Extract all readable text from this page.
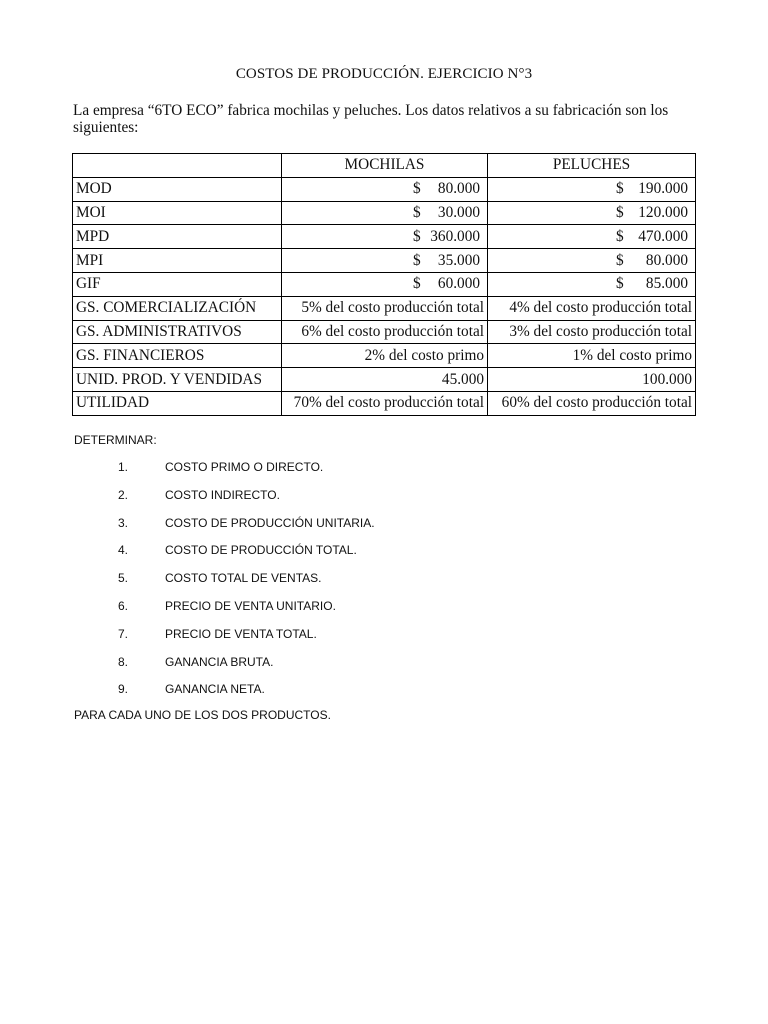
COSTOS DE PRODUCCIÓN. EJERCICIO N°3
La empresa “6TO ECO” fabrica mochilas y peluches. Los datos relativos a su fabricación son los siguientes:
	MOCHILAS	PELUCHES
MOD	$ 80.000	$ 190.000

MOI	$ 30.000	$ 120.000

MPD	$ 360.000	$ 470.000

MPI	$ 35.000	$ 80.000

GIF	$ 60.000	$ 85.000

GS. COMERCIALIZACIÓN	5% del costo producción total	4% del costo producción total
GS. ADMINISTRATIVOS	6% del costo producción total	3% del costo producción total
GS. FINANCIEROS	2% del costo primo	1% del costo primo
UNID. PROD. Y VENDIDAS	45.000	100.000
UTILIDAD	70% del costo producción total	60% del costo producción total
DETERMINAR:
1.	COSTO PRIMO O DIRECTO.
2.	COSTO INDIRECTO.
3.	COSTO DE PRODUCCIÓN UNITARIA.
4.	COSTO DE PRODUCCIÓN TOTAL.
5.	COSTO TOTAL DE VENTAS.
6.	PRECIO DE VENTA UNITARIO.
7.	PRECIO DE VENTA TOTAL.
8.	GANANCIA BRUTA.
9.	GANANCIA NETA.
PARA CADA UNO DE LOS DOS PRODUCTOS.
